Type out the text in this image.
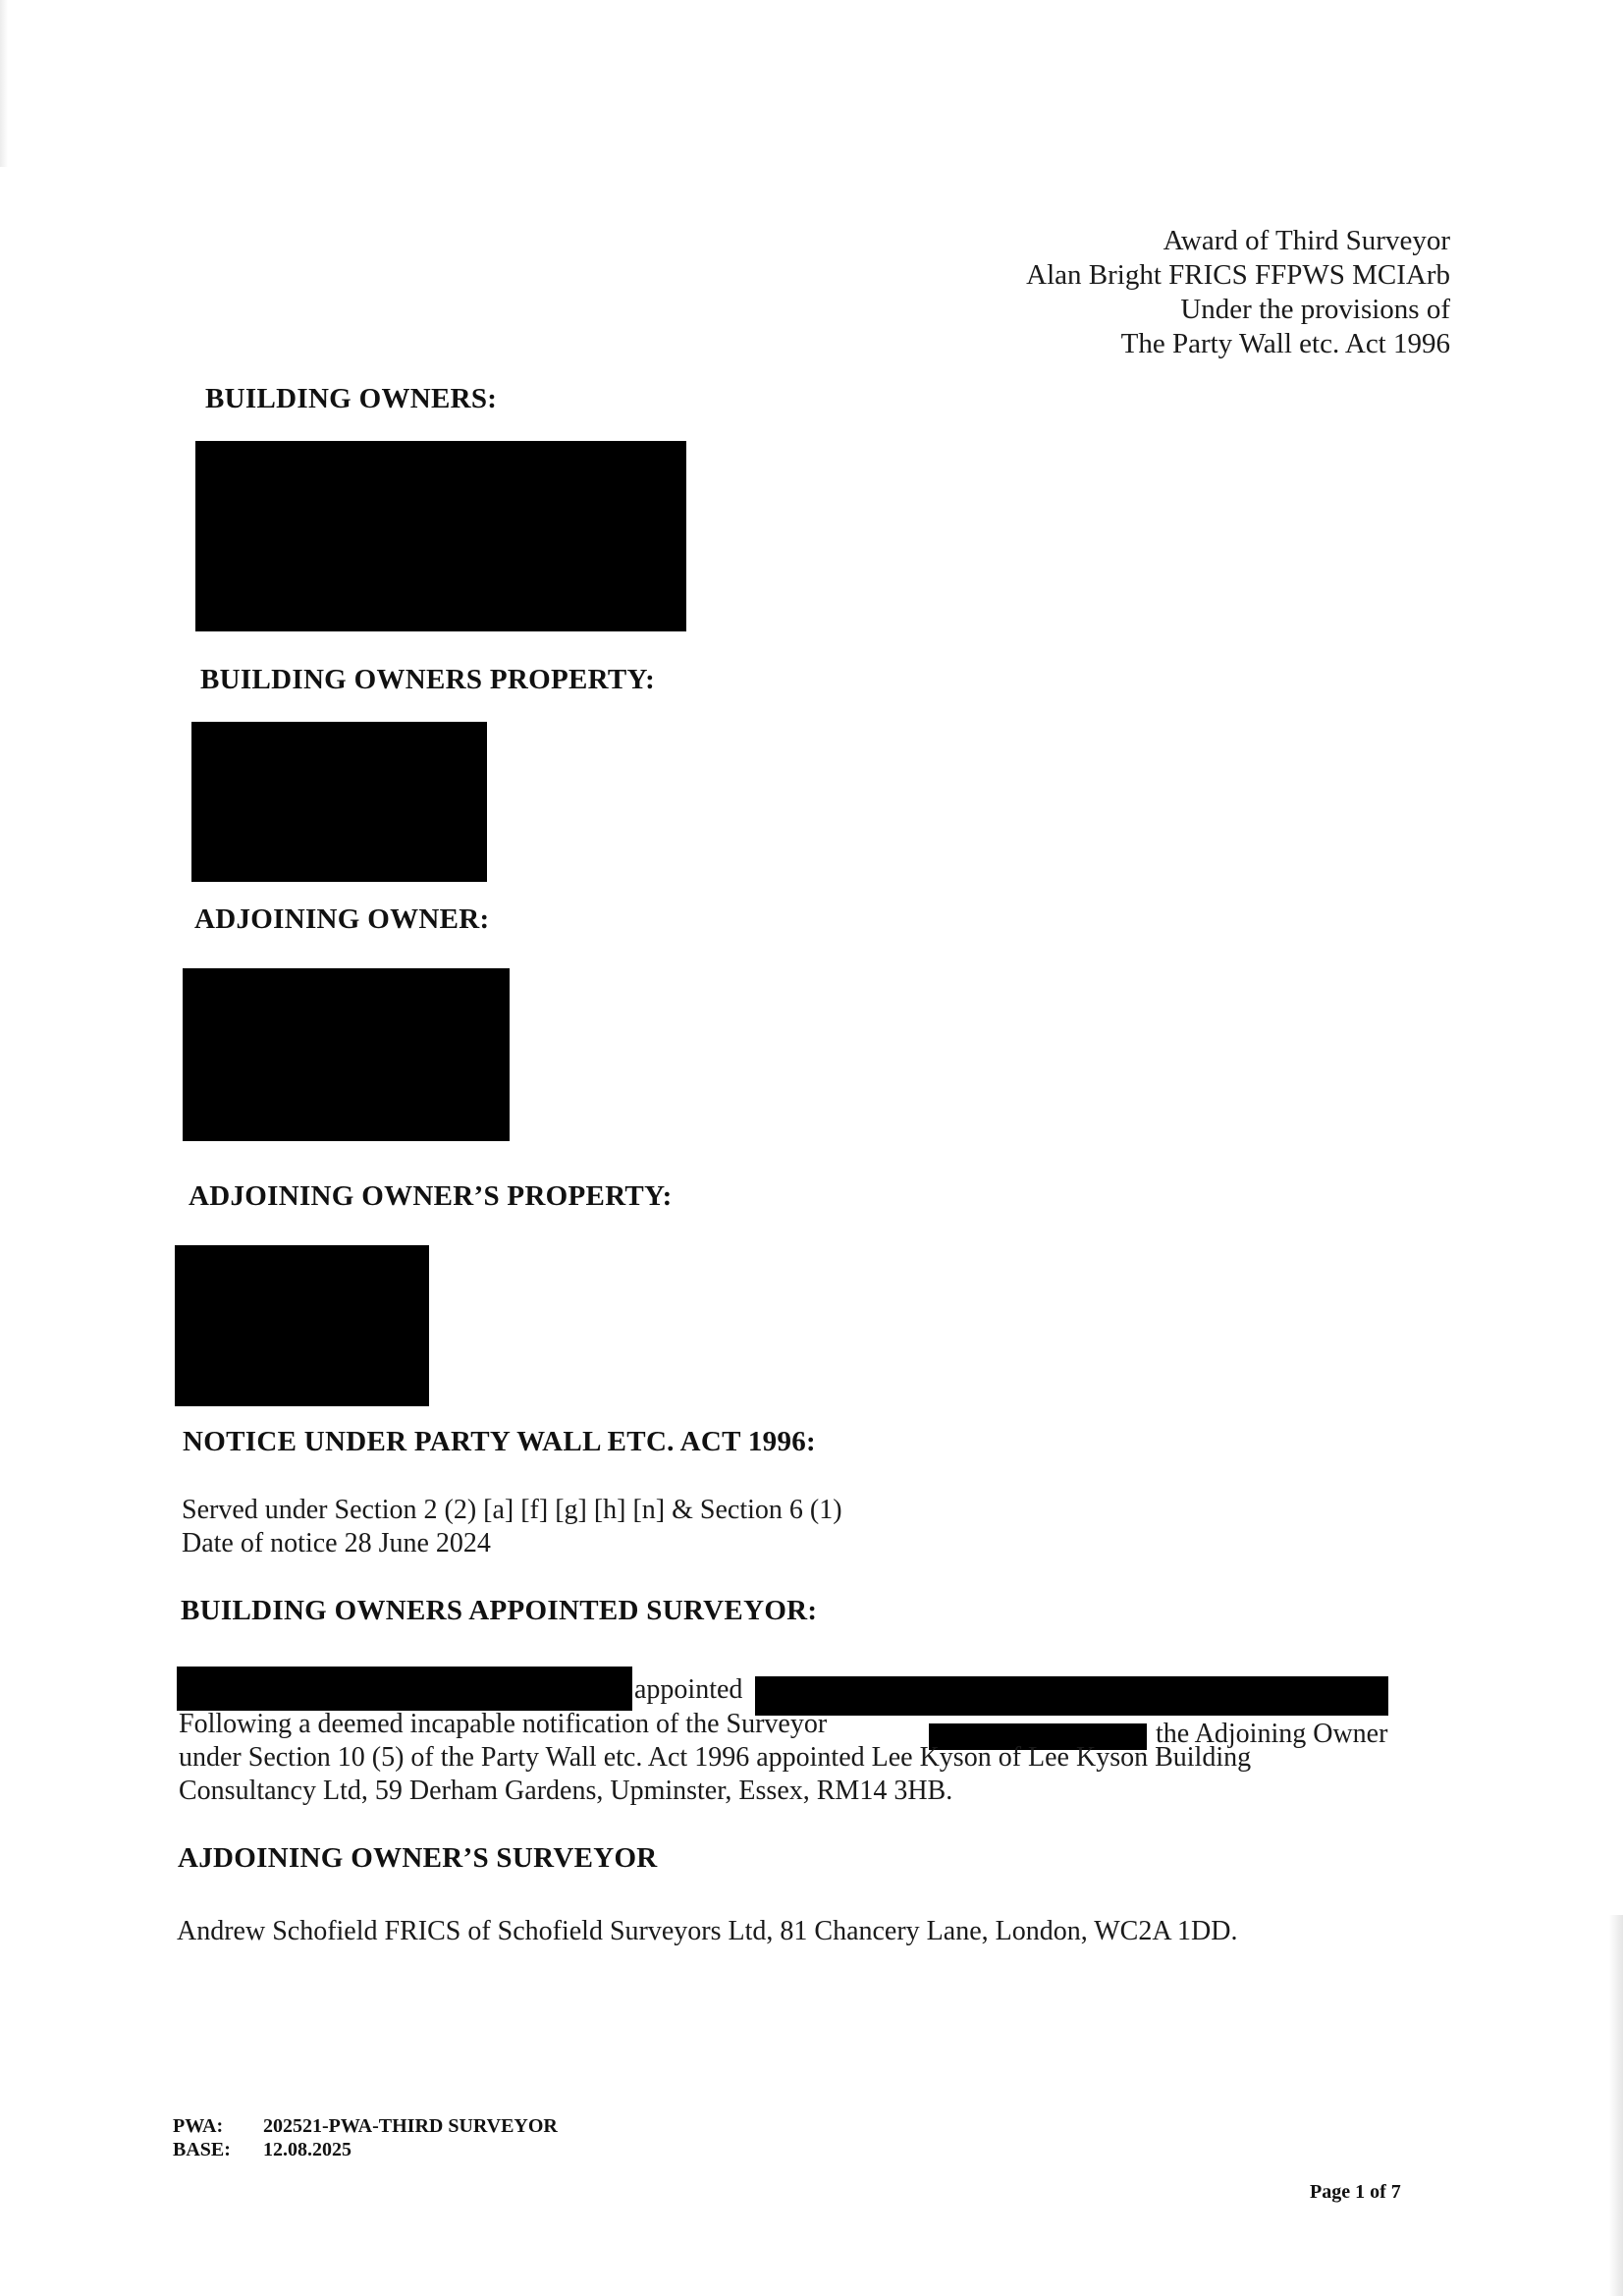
Award of Third Surveyor
Alan Bright FRICS FFPWS MCIArb
Under the provisions of
The Party Wall etc. Act 1996
BUILDING OWNERS:
BUILDING OWNERS PROPERTY:
ADJOINING OWNER:
ADJOINING OWNER’S PROPERTY:
NOTICE UNDER PARTY WALL ETC. ACT 1996:
Served under Section 2 (2) [a] [f] [g] [h] [n] & Section 6 (1)
Date of notice 28 June 2024
BUILDING OWNERS APPOINTED SURVEYOR:
appointed
Following a deemed incapable notification of the Surveyor	the Adjoining Owner
under Section 10 (5) of the Party Wall etc. Act 1996 appointed Lee Kyson of Lee Kyson Building
Consultancy Ltd, 59 Derham Gardens, Upminster, Essex, RM14 3HB.
AJDOINING OWNER’S SURVEYOR
Andrew Schofield FRICS of Schofield Surveyors Ltd, 81 Chancery Lane, London, WC2A 1DD.
PWA: 202521-PWA-THIRD SURVEYOR
BASE: 12.08.2025
Page 1 of 7
